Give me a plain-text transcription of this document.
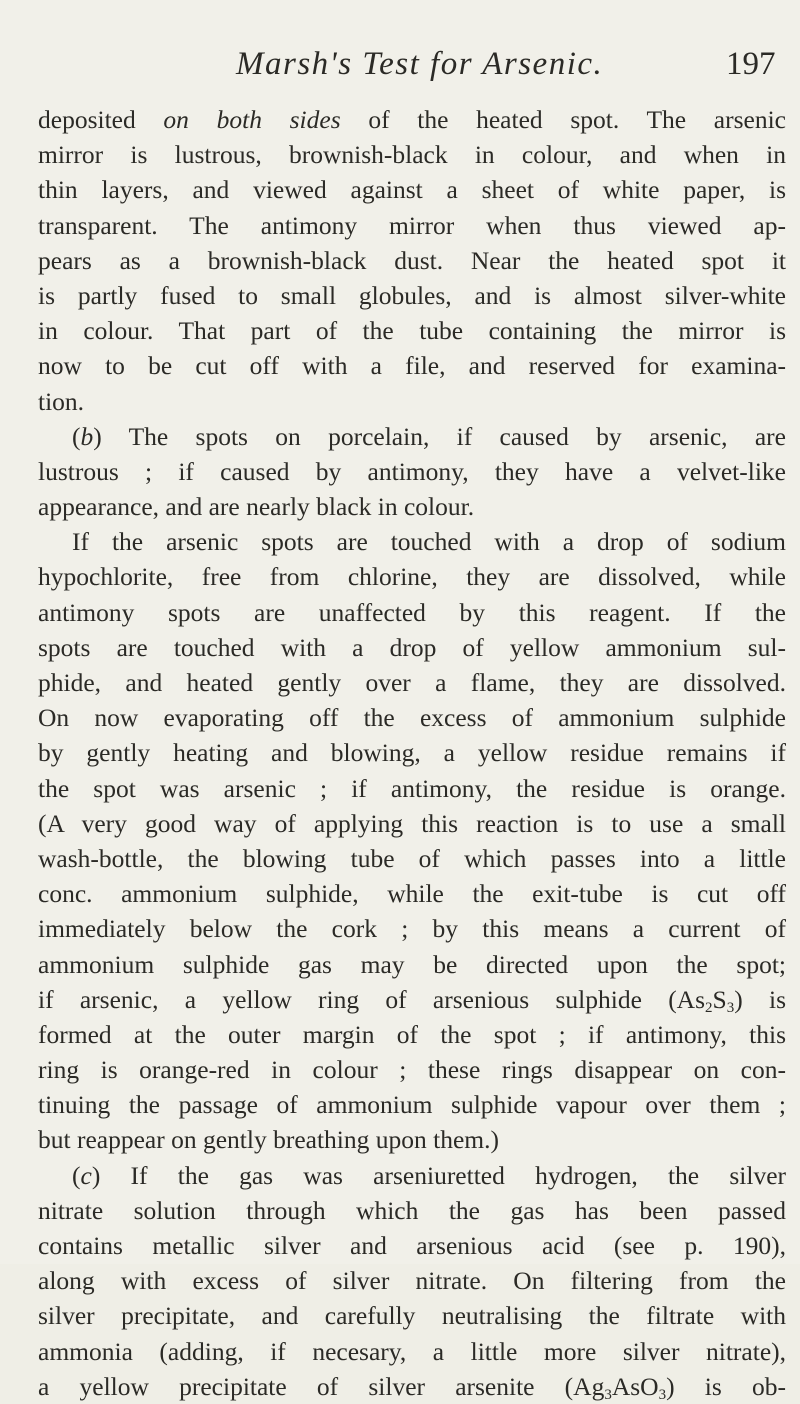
Marsh's Test for Arsenic.	197
deposited on both sides of the heated spot. The arsenic
mirror is lustrous, brownish-black in colour, and when in
thin layers, and viewed against a sheet of white paper, is
transparent. The antimony mirror when thus viewed ap-
pears as a brownish-black dust. Near the heated spot it
is partly fused to small globules, and is almost silver-white
in colour. That part of the tube containing the mirror is
now to be cut off with a file, and reserved for examina-
tion.
(b) The spots on porcelain, if caused by arsenic, are
lustrous ; if caused by antimony, they have a velvet-like
appearance, and are nearly black in colour.
If the arsenic spots are touched with a drop of sodium
hypochlorite, free from chlorine, they are dissolved, while
antimony spots are unaffected by this reagent. If the
spots are touched with a drop of yellow ammonium sul-
phide, and heated gently over a flame, they are dissolved.
On now evaporating off the excess of ammonium sulphide
by gently heating and blowing, a yellow residue remains if
the spot was arsenic ; if antimony, the residue is orange.
(A very good way of applying this reaction is to use a small
wash-bottle, the blowing tube of which passes into a little
conc. ammonium sulphide, while the exit-tube is cut off
immediately below the cork ; by this means a current of
ammonium sulphide gas may be directed upon the spot;
if arsenic, a yellow ring of arsenious sulphide $(As_2S_3)$ is
formed at the outer margin of the spot ; if antimony, this
ring is orange-red in colour ; these rings disappear on con-
tinuing the passage of ammonium sulphide vapour over them ;
but reappear on gently breathing upon them.)
(c) If the gas was arseniuretted hydrogen, the silver
nitrate solution through which the gas has been passed
contains metallic silver and arsenious acid (see p. 190),
along with excess of silver nitrate. On filtering from the
silver precipitate, and carefully neutralising the filtrate with
ammonia (adding, if necesary, a little more silver nitrate),
a yellow precipitate of silver arsenite $(Ag_3AsO_3)$ is ob-
